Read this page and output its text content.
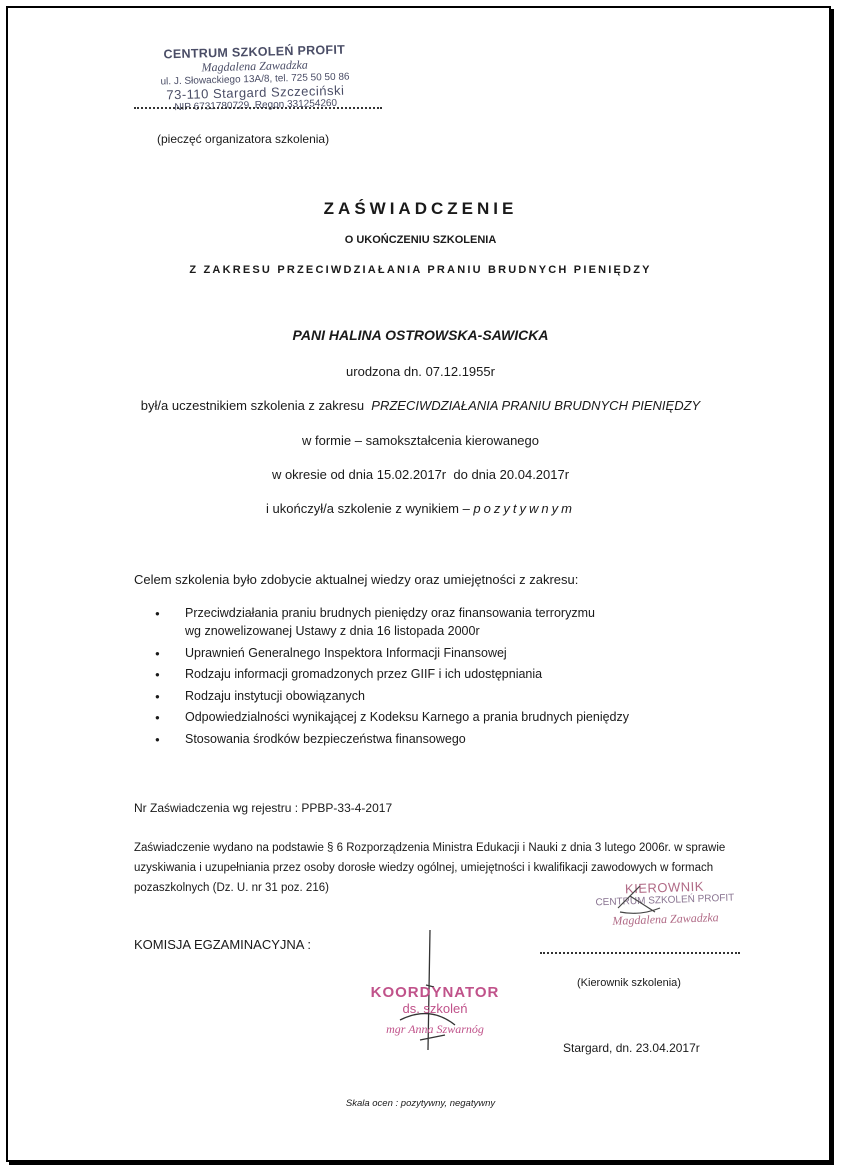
CENTRUM SZKOLEŃ PROFIT
Magdalena Zawadzka
ul. J. Słowackiego 13A/8, tel. 725 50 50 86
73-110 Stargard Szczeciński
NIP 6731780729, Regon 331254260
(pieczęć organizatora szkolenia)
ZAŚWIADCZENIE
O UKOŃCZENIU SZKOLENIA
Z ZAKRESU PRZECIWDZIAŁANIA PRANIU BRUDNYCH PIENIĘDZY
PANI HALINA OSTROWSKA-SAWICKA
urodzona dn. 07.12.1955r
był/a uczestnikiem szkolenia z zakresu PRZECIWDZIAŁANIA PRANIU BRUDNYCH PIENIĘDZY
w formie – samokształcenia kierowanego
w okresie od dnia 15.02.2017r do dnia 20.04.2017r
i ukończył/a szkolenie z wynikiem – pozytywnym
Celem szkolenia było zdobycie aktualnej wiedzy oraz umiejętności z zakresu:
● Przeciwdziałania praniu brudnych pieniędzy oraz finansowania terroryzmu
wg znowelizowanej Ustawy z dnia 16 listopada 2000r
● Uprawnień Generalnego Inspektora Informacji Finansowej
● Rodzaju informacji gromadzonych przez GIIF i ich udostępniania
● Rodzaju instytucji obowiązanych
● Odpowiedzialności wynikającej z Kodeksu Karnego a prania brudnych pieniędzy
● Stosowania środków bezpieczeństwa finansowego
Nr Zaświadczenia wg rejestru : PPBP-33-4-2017
Zaświadczenie wydano na podstawie § 6 Rozporządzenia Ministra Edukacji i Nauki z dnia 3 lutego 2006r. w sprawie uzyskiwania i uzupełniania przez osoby dorosłe wiedzy ogólnej, umiejętności i kwalifikacji zawodowych w formach pozaszkolnych (Dz. U. nr 31 poz. 216)
KOMISJA EGZAMINACYJNA :
KIEROWNIK
CENTRUM SZKOLEŃ PROFIT
Magdalena Zawadzka
(Kierownik szkolenia)
KOORDYNATOR
ds. szkoleń
mgr Anna Szwarnóg
Stargard, dn. 23.04.2017r
Skala ocen : pozytywny, negatywny
